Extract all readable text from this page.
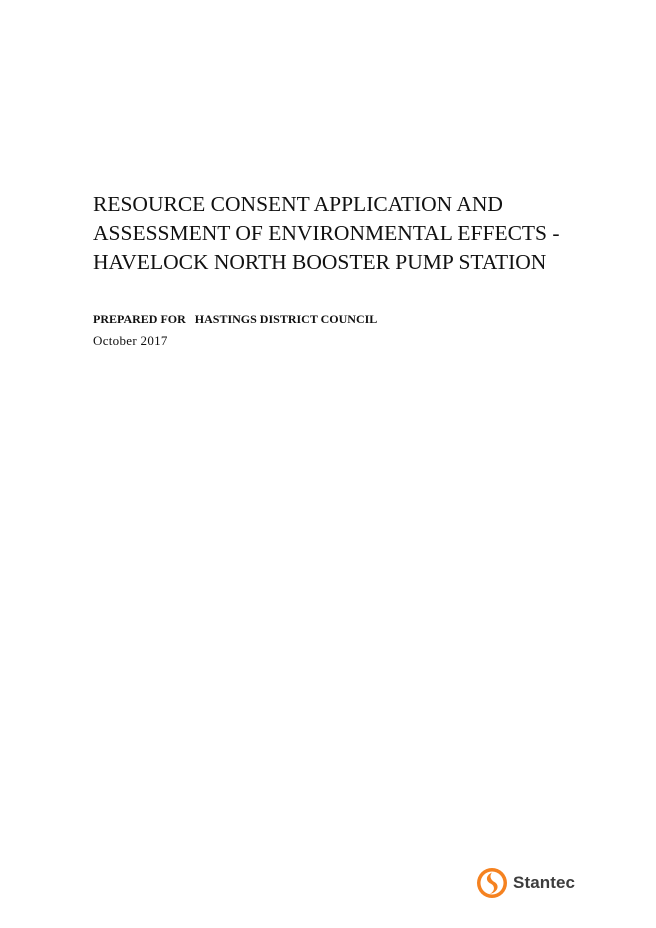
RESOURCE CONSENT APPLICATION AND
ASSESSMENT OF ENVIRONMENTAL EFFECTS -
HAVELOCK NORTH BOOSTER PUMP STATION
PREPARED FOR HASTINGS DISTRICT COUNCIL
October 2017
Stantec
